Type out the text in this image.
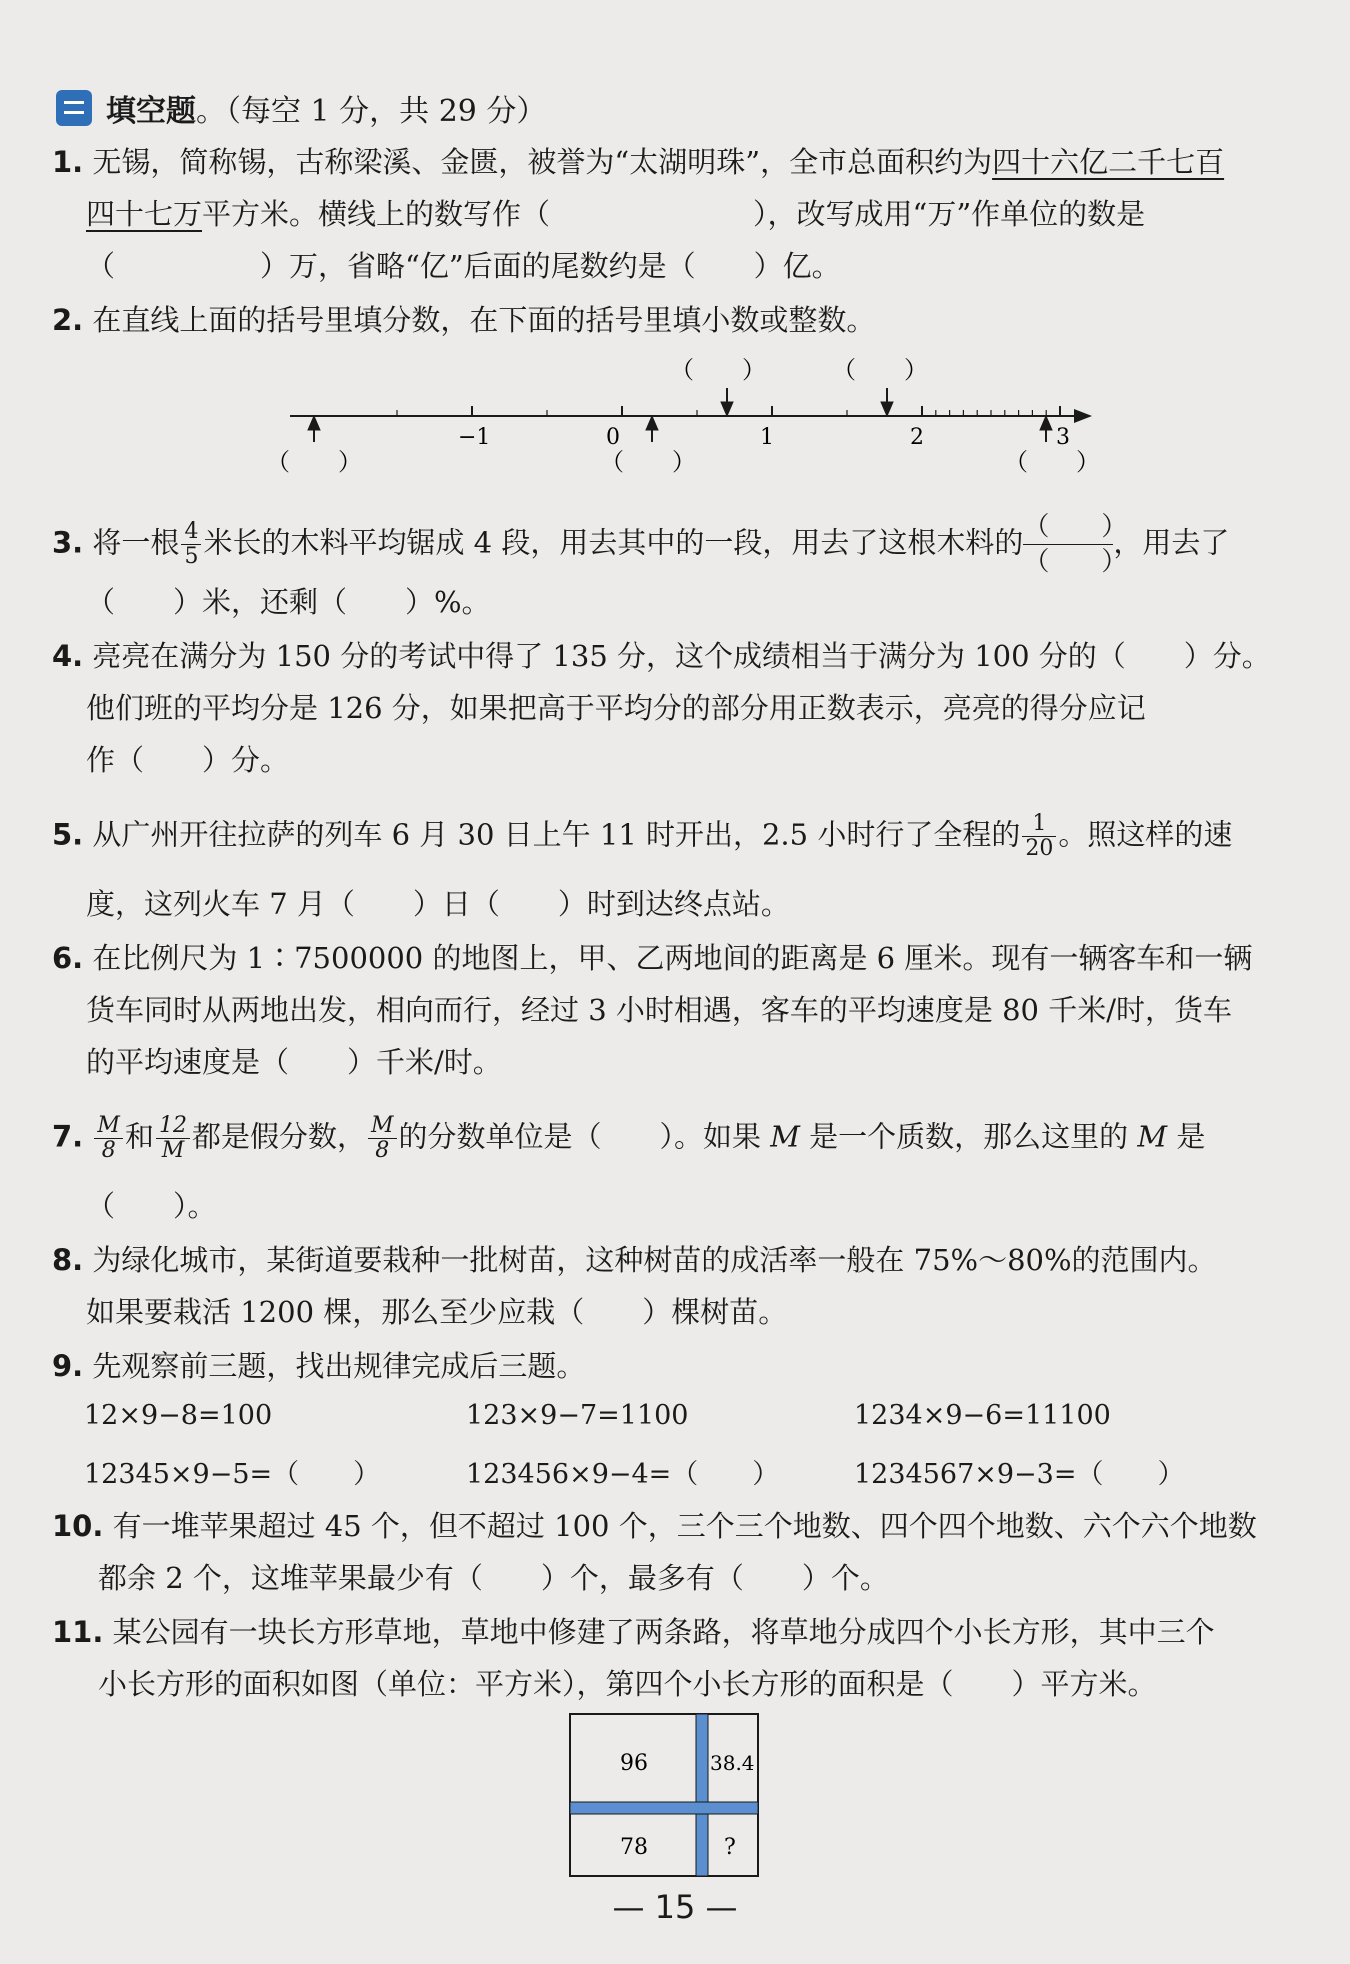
填空题 。（每空 1 分，共 29 分）
1. 无锡，简称锡，古称梁溪、金匮，被誉为“太湖明珠”，全市总面积约为四十六亿二千七百
四十七万平方米。横线上的数写作（　　　　　　　），改写成用“万”作单位的数是
（　　　　　）万，省略“亿”后面的尾数约是（　　）亿。
2. 在直线上面的括号里填分数，在下面的括号里填小数或整数。
−1	0	1	2	3
（　　）	（　　）
（　　）	（　　）	（　　）
3. 将一根 $\frac{4}{5}$ 米长的木料平均锯成 4 段，用去其中的一段，用去了这根木料的 $\frac{( )}{( )}$，用去了
（　　）米，还剩（　　）%。
4. 亮亮在满分为 150 分的考试中得了 135 分，这个成绩相当于满分为 100 分的（　　）分。
他们班的平均分是 126 分，如果把高于平均分的部分用正数表示，亮亮的得分应记
作（　　）分。
5. 从广州开往拉萨的列车 6 月 30 日上午 11 时开出，2.5 小时行了全程的 $\frac{1}{20}$ 。照这样的速
度，这列火车 7 月（　　）日（　　）时到达终点站。
6. 在比例尺为 1∶7500000 的地图上，甲、乙两地间的距离是 6 厘米。现有一辆客车和一辆
货车同时从两地出发，相向而行，经过 3 小时相遇，客车的平均速度是 80 千米/时，货车
的平均速度是（　　）千米/时。
7. $\frac{M}{8}$ 和 $\frac{12}{M}$ 都是假分数， $\frac{M}{8}$ 的分数单位是（　　）。如果 M 是一个质数，那么这里的 M 是
（　　）。
8. 为绿化城市，某街道要栽种一批树苗，这种树苗的成活率一般在 75%～80%的范围内。
如果要栽活 1200 棵，那么至少应栽（　　）棵树苗。
9. 先观察前三题，找出规律完成后三题。
12×9−8=100	123×9−7=1100	1234×9−6=11100
12345×9−5=（　　）	123456×9−4=（　　）	1234567×9−3=（　　）
10. 有一堆苹果超过 45 个，但不超过 100 个，三个三个地数、四个四个地数、六个六个地数
都余 2 个，这堆苹果最少有（　　）个，最多有（　　）个。
11. 某公园有一块长方形草地，草地中修建了两条路，将草地分成四个小长方形，其中三个
小长方形的面积如图（单位：平方米），第四个小长方形的面积是（　　）平方米。
96	38.4
78	?
— 15 —
